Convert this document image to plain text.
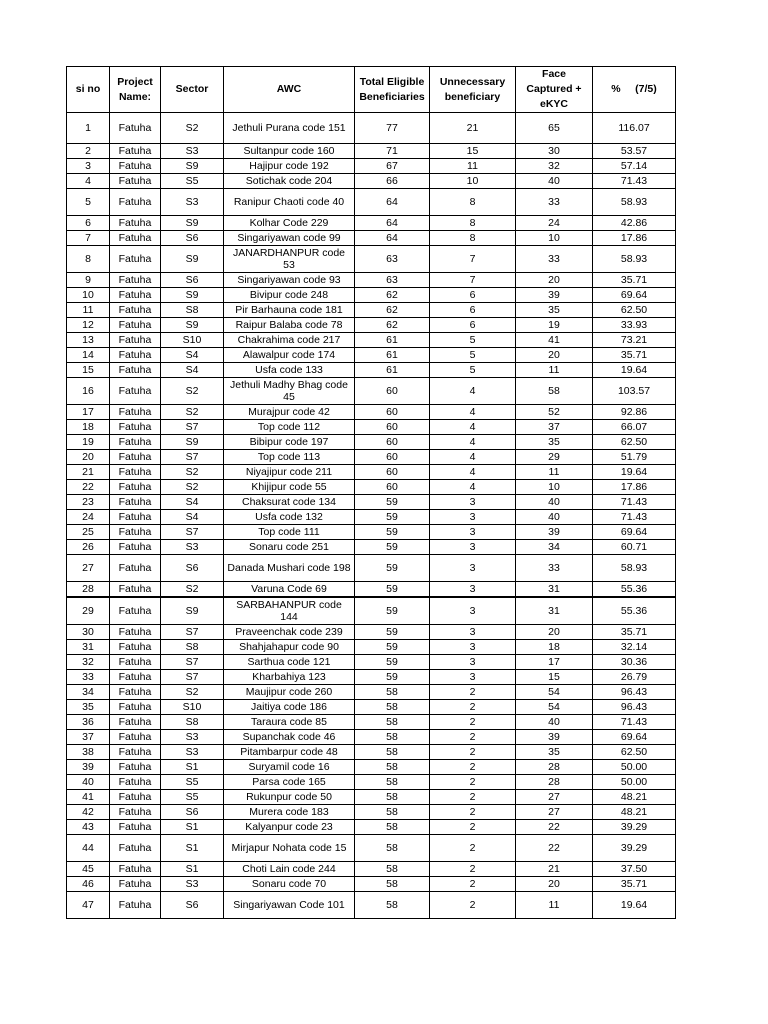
si no	Project Name:	Sector	AWC	Total Eligible Beneficiaries	Unnecessary beneficiary	Face Captured + eKYC	%     (7/5)
1	Fatuha	S2	Jethuli Purana code 151	77	21	65	116.07
2	Fatuha	S3	Sultanpur code 160	71	15	30	53.57
3	Fatuha	S9	Hajipur code 192	67	11	32	57.14
4	Fatuha	S5	Sotichak code 204	66	10	40	71.43
5	Fatuha	S3	Ranipur Chaoti code 40	64	8	33	58.93
6	Fatuha	S9	Kolhar Code 229	64	8	24	42.86
7	Fatuha	S6	Singariyawan code 99	64	8	10	17.86
8	Fatuha	S9	JANARDHANPUR code 53	63	7	33	58.93
9	Fatuha	S6	Singariyawan code 93	63	7	20	35.71
10	Fatuha	S9	Bivipur code 248	62	6	39	69.64
11	Fatuha	S8	Pir Barhauna code 181	62	6	35	62.50
12	Fatuha	S9	Raipur Balaba code 78	62	6	19	33.93
13	Fatuha	S10	Chakrahima code 217	61	5	41	73.21
14	Fatuha	S4	Alawalpur code 174	61	5	20	35.71
15	Fatuha	S4	Usfa code 133	61	5	11	19.64
16	Fatuha	S2	Jethuli Madhy Bhag code 45	60	4	58	103.57
17	Fatuha	S2	Murajpur code 42	60	4	52	92.86
18	Fatuha	S7	Top code 112	60	4	37	66.07
19	Fatuha	S9	Bibipur code 197	60	4	35	62.50
20	Fatuha	S7	Top code 113	60	4	29	51.79
21	Fatuha	S2	Niyajipur code 211	60	4	11	19.64
22	Fatuha	S2	Khijipur code 55	60	4	10	17.86
23	Fatuha	S4	Chaksurat code 134	59	3	40	71.43
24	Fatuha	S4	Usfa code 132	59	3	40	71.43
25	Fatuha	S7	Top code 111	59	3	39	69.64
26	Fatuha	S3	Sonaru code 251	59	3	34	60.71
27	Fatuha	S6	Danada Mushari code 198	59	3	33	58.93
28	Fatuha	S2	Varuna Code 69	59	3	31	55.36
29	Fatuha	S9	SARBAHANPUR code 144	59	3	31	55.36
30	Fatuha	S7	Praveenchak code 239	59	3	20	35.71
31	Fatuha	S8	Shahjahapur code 90	59	3	18	32.14
32	Fatuha	S7	Sarthua code 121	59	3	17	30.36
33	Fatuha	S7	Kharbahiya 123	59	3	15	26.79
34	Fatuha	S2	Maujipur code 260	58	2	54	96.43
35	Fatuha	S10	Jaitiya code 186	58	2	54	96.43
36	Fatuha	S8	Taraura code 85	58	2	40	71.43
37	Fatuha	S3	Supanchak code 46	58	2	39	69.64
38	Fatuha	S3	Pitambarpur code 48	58	2	35	62.50
39	Fatuha	S1	Suryamil code 16	58	2	28	50.00
40	Fatuha	S5	Parsa code 165	58	2	28	50.00
41	Fatuha	S5	Rukunpur code 50	58	2	27	48.21
42	Fatuha	S6	Murera code 183	58	2	27	48.21
43	Fatuha	S1	Kalyanpur code 23	58	2	22	39.29
44	Fatuha	S1	Mirjapur Nohata code 15	58	2	22	39.29
45	Fatuha	S1	Choti Lain code 244	58	2	21	37.50
46	Fatuha	S3	Sonaru code 70	58	2	20	35.71
47	Fatuha	S6	Singariyawan Code 101	58	2	11	19.64
